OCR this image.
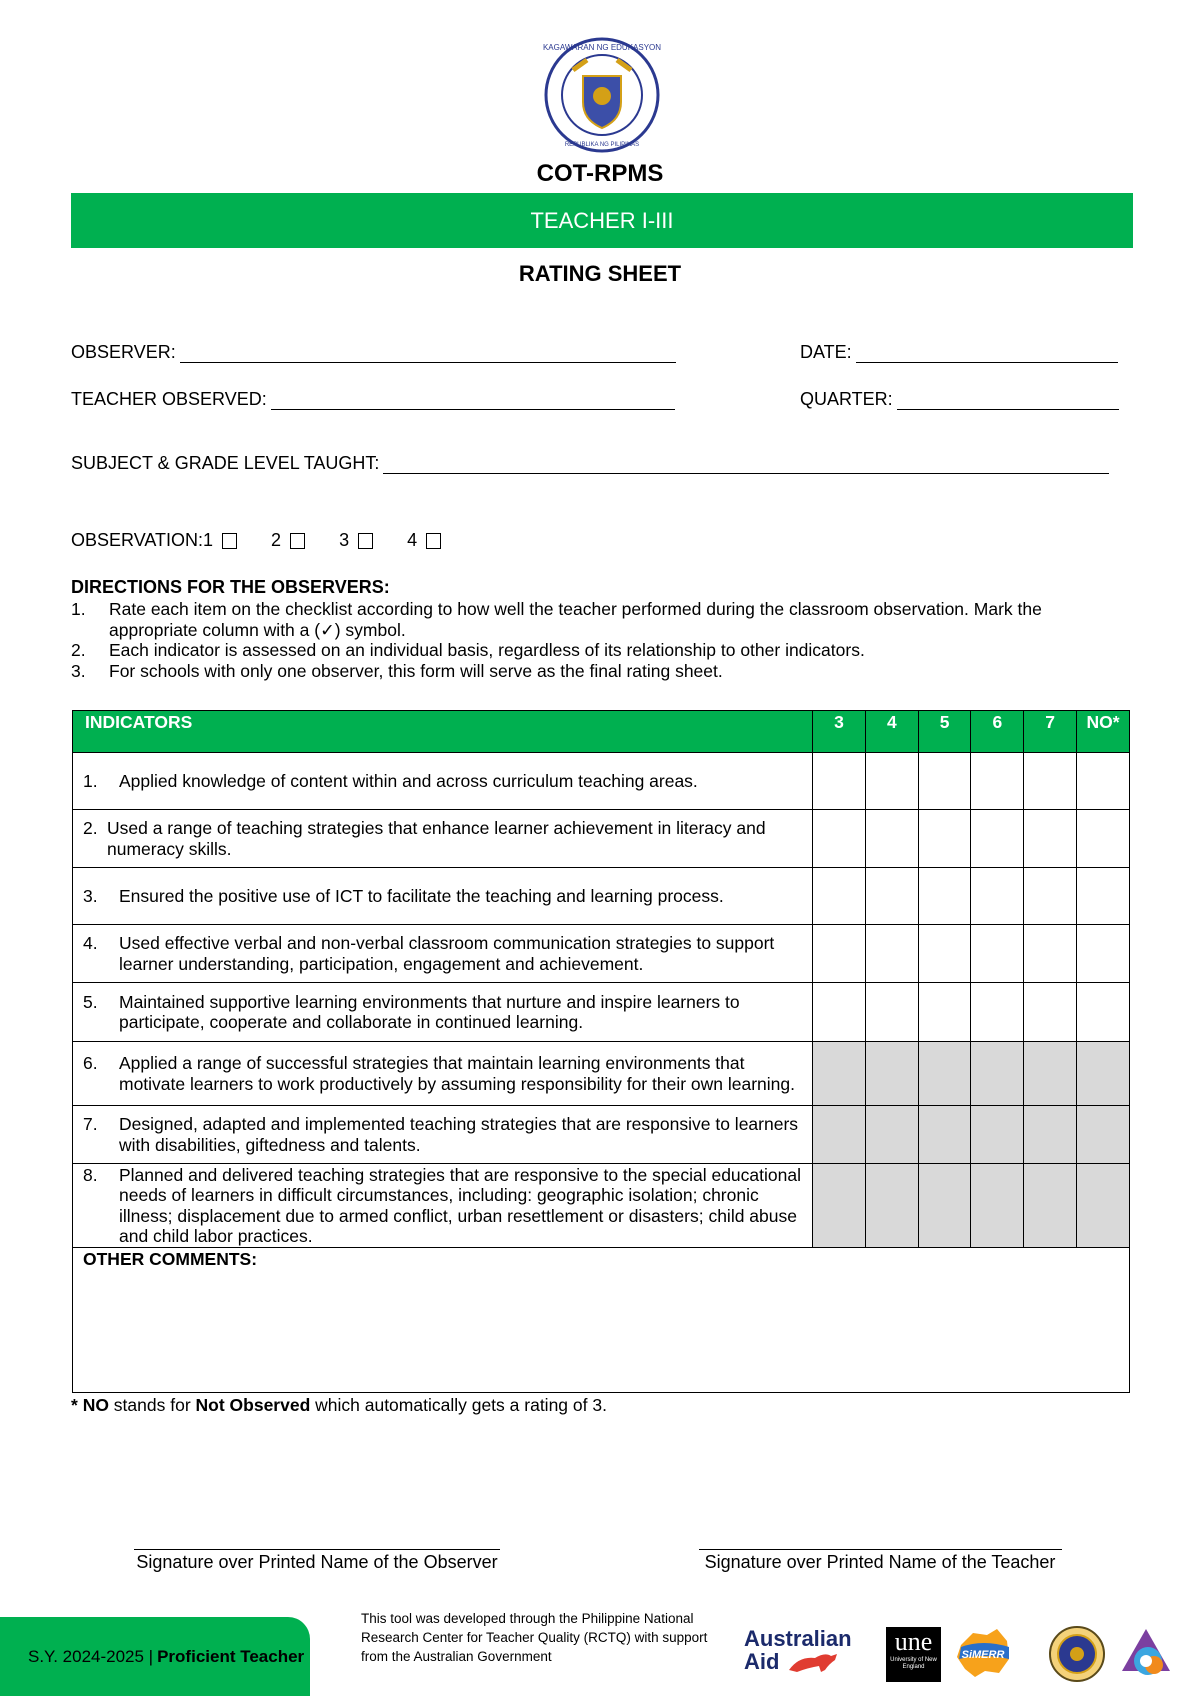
KAGAWARAN NG EDUKASYON
REPUBLIKA NG PILIPINAS
COT-RPMS
TEACHER I-III
RATING SHEET
OBSERVER:	DATE:
TEACHER OBSERVED:	QUARTER:
SUBJECT & GRADE LEVEL TAUGHT:
OBSERVATION: 1	2	3	4
DIRECTIONS FOR THE OBSERVERS:
1.	Rate each item on the checklist according to how well the teacher performed during the classroom observation. Mark the appropriate column with a (✓) symbol.
2.	Each indicator is assessed on an individual basis, regardless of its relationship to other indicators.
3.	For schools with only one observer, this form will serve as the final rating sheet.
INDICATORS	3	4	5	6	7	NO*

1. Applied knowledge of content within and across curriculum teaching areas.						

2. Used a range of teaching strategies that enhance learner achievement in literacy and numeracy skills.						

3. Ensured the positive use of ICT to facilitate the teaching and learning process.						

4. Used effective verbal and non-verbal classroom communication strategies to support learner understanding, participation, engagement and achievement.						

5. Maintained supportive learning environments that nurture and inspire learners to participate, cooperate and collaborate in continued learning.						

6. Applied a range of successful strategies that maintain learning environments that motivate learners to work productively by assuming responsibility for their own learning.						

7. Designed, adapted and implemented teaching strategies that are responsive to learners with disabilities, giftedness and talents.						

8. Planned and delivered teaching strategies that are responsive to the special educational needs of learners in difficult circumstances, including: geographic isolation; chronic illness; displacement due to armed conflict, urban resettlement or disasters; child abuse and child labor practices.						

OTHER COMMENTS:						
* NO stands for Not Observed which automatically gets a rating of 3.
Signature over Printed Name of the Observer	Signature over Printed Name of the Teacher
S.Y. 2024-2025 | Proficient Teacher
This tool was developed through the Philippine National Research Center for Teacher Quality (RCTQ) with support from the Australian Government
Australian
Aid
une
University of New England
SiMERR
